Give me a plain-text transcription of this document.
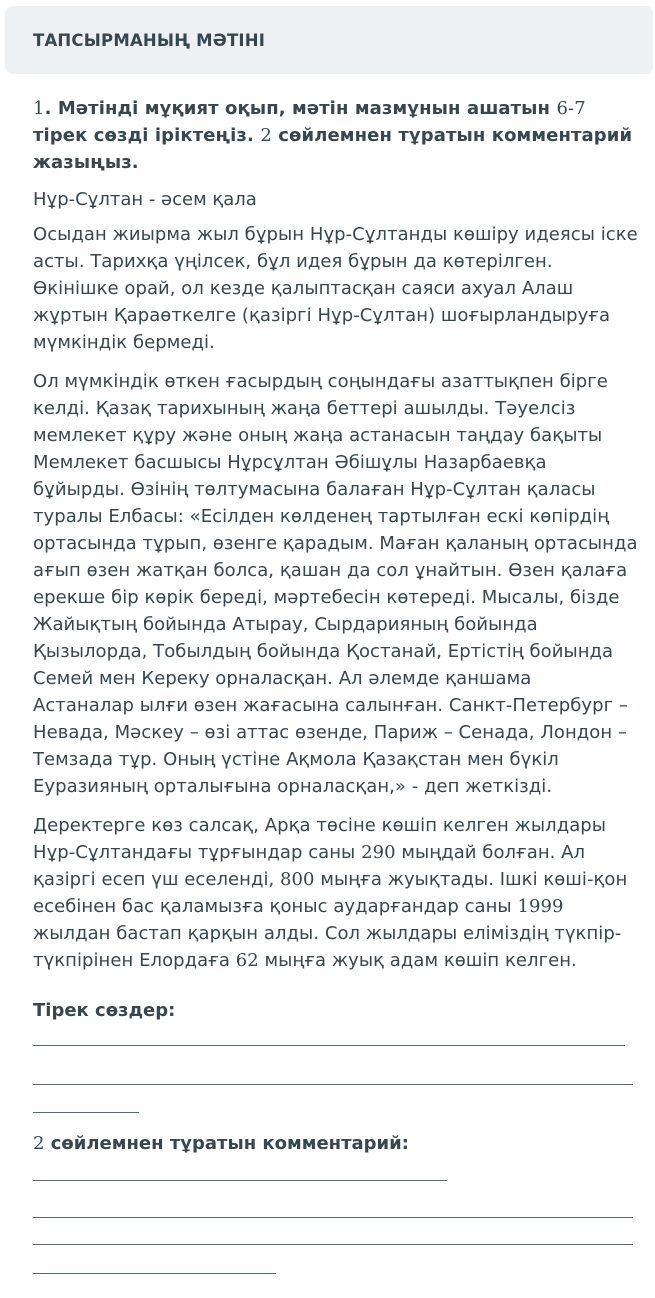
ТАПСЫРМАНЫҢ МӘТІНІ

1. Мәтінді мұқият оқып, мәтін мазмұнын ашатын 6-7 тірек сөзді іріктеңіз. 2 сөйлемнен тұратын комментарий жазыңыз.

Нұр-Сұлтан - әсем қала

Осыдан жиырма жыл бұрын Нұр-Сұлтанды көшіру идеясы іске асты. Тарихқа үңілсек, бұл идея бұрын да көтерілген. Өкінішке орай, ол кезде қалыптасқан саяси ахуал Алаш жұртын Қараөткелге (қазіргі Нұр-Сұлтан) шоғырландыруға мүмкіндік бермеді.

Ол мүмкіндік өткен ғасырдың соңындағы азаттықпен бірге келді. Қазақ тарихының жаңа беттері ашылды. Тәуелсіз мемлекет құру және оның жаңа астанасын таңдау бақыты Мемлекет басшысы Нұрсұлтан Әбішұлы Назарбаевқа бұйырды. Өзінің төлтумасына балаған Нұр-Сұлтан қаласы туралы Елбасы: «Есілден көлденең тартылған ескі көпірдің ортасында тұрып, өзенге қарадым. Маған қаланың ортасында ағып өзен жатқан болса, қашан да сол ұнайтын. Өзен қалаға ерекше бір көрік береді, мәртебесін көтереді. Мысалы, бізде Жайықтың бойында Атырау, Сырдарияның бойында Қызылорда, Тобылдың бойында Қостанай, Ертістің бойында Семей мен Кереку орналасқан. Ал әлемде қаншама Астаналар ылғи өзен жағасына салынған. Санкт-Петербург – Невада, Мәскеу – өзі аттас өзенде, Париж – Сенада, Лондон – Темзада тұр. Оның үстіне Ақмола Қазақстан мен бүкіл Еуразияның орталығына орналасқан,» - деп жеткізді.

Деректерге көз салсақ, Арқа төсіне көшіп келген жылдары Нұр-Сұлтандағы тұрғындар саны 290 мыңдай болған. Ал қазіргі есеп үш еселенді, 800 мыңға жуықтады. Ішкі көші-қон есебінен бас қаламызға қоныс аударғандар саны 1999 жылдан бастап қарқын алды. Сол жылдары еліміздің түкпір-түкпірінен Елордаға 62 мыңға жуық адам көшіп келген.

Тірек сөздер:

2 сөйлемнен тұратын комментарий:
